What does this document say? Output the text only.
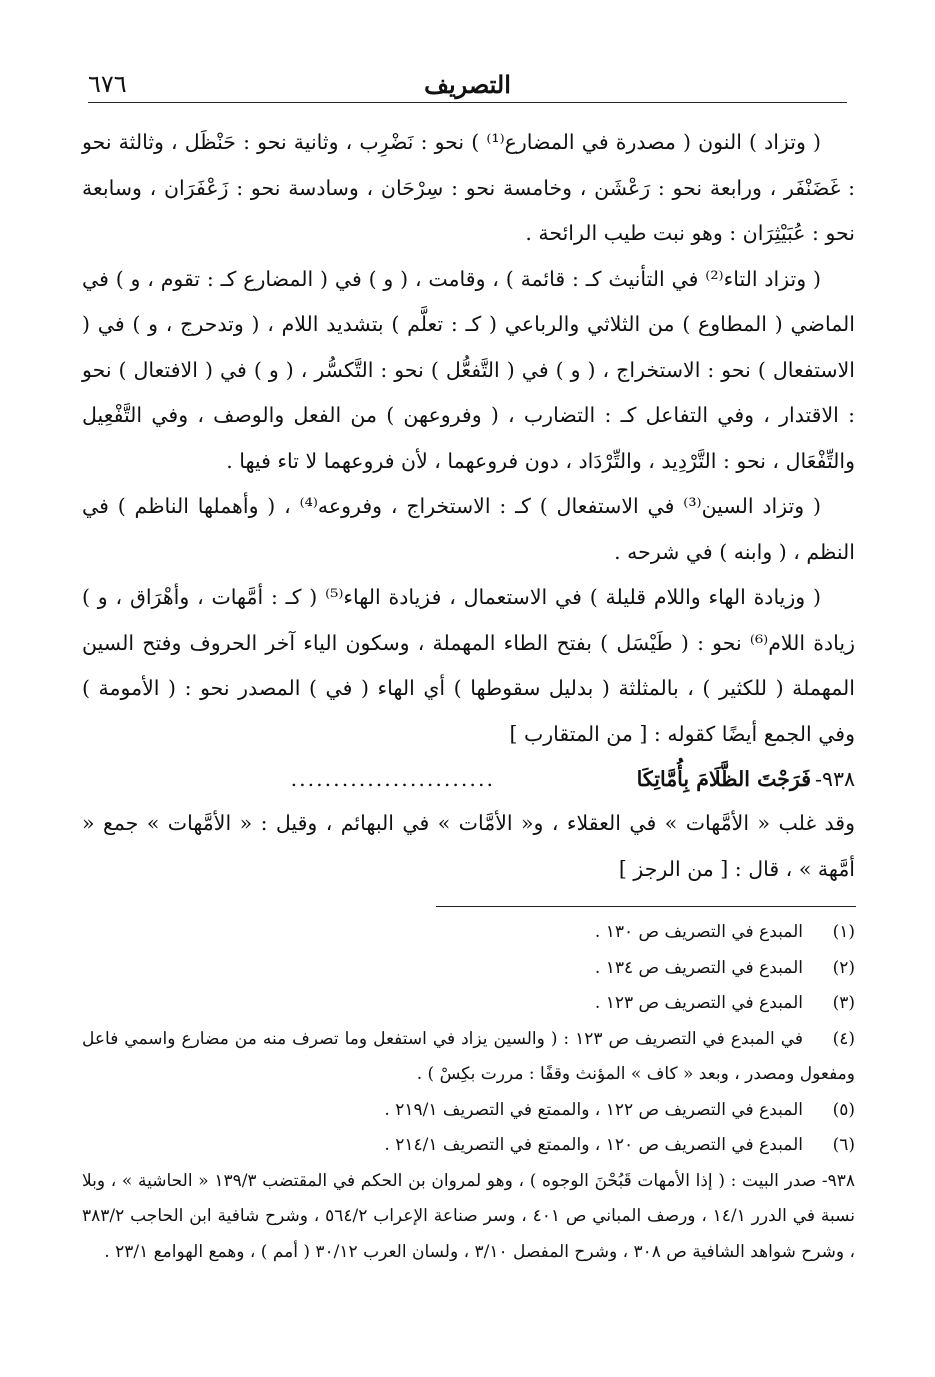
٦٧٦	التصريف

( وتزاد ) النون ( مصدرة في المضارع⁽¹⁾ ) نحو : نَضْرِب ، وثانية نحو : حَنْظَل ، وثالثة نحو : غَضَنْفَر ، ورابعة نحو : رَعْشَن ، وخامسة نحو : سِرْحَان ، وسادسة نحو : زَعْفَرَان ، وسابعة نحو : عُبَيْثِرَان : وهو نبت طيب الرائحة .

( وتزاد التاء⁽²⁾ في التأنيث كـ : قائمة ) ، وقامت ، ( و ) في ( المضارع كـ : تقوم ، و ) في الماضي ( المطاوع ) من الثلاثي والرباعي ( كـ : تعلَّم ) بتشديد اللام ، ( وتدحرج ، و ) في ( الاستفعال ) نحو : الاستخراج ، ( و ) في ( التَّفعُّل ) نحو : التَّكسُّر ، ( و ) في ( الافتعال ) نحو : الاقتدار ، وفي التفاعل كـ : التضارب ، ( وفروعهن ) من الفعل والوصف ، وفي التَّفْعِيل والتِّفْعَال ، نحو : التَّرْدِيد ، والتِّرْدَاد ، دون فروعهما ، لأن فروعهما لا تاء فيها .

( وتزاد السين⁽³⁾ في الاستفعال ) كـ : الاستخراج ، وفروعه⁽⁴⁾ ، ( وأهملها الناظم ) في النظم ، ( وابنه ) في شرحه .

( وزيادة الهاء واللام قليلة ) في الاستعمال ، فزيادة الهاء⁽⁵⁾ ( كـ : أمَّهات ، وأهْرَاق ، و ) زيادة اللام⁽⁶⁾ نحو : ( طَيْسَل ) بفتح الطاء المهملة ، وسكون الياء آخر الحروف وفتح السين المهملة ( للكثير ) ، بالمثلثة ( بدليل سقوطها ) أي الهاء ( في ) المصدر نحو : ( الأمومة ) وفي الجمع أيضًا كقوله : [ من المتقارب ]

٩٣٨-
فَرَجْتَ الظَّلَامَ بِأُمَّاتِكَا
........................

وقد غلب « الأمَّهات » في العقلاء ، و« الأمَّات » في البهائم ، وقيل : « الأمَّهات » جمع « أمَّهة » ، قال : [ من الرجز ]

(١)المبدع في التصريف ص ١٣٠ .

(٢)المبدع في التصريف ص ١٣٤ .

(٣)المبدع في التصريف ص ١٢٣ .

(٤)في المبدع في التصريف ص ١٢٣ : ( والسين يزاد في استفعل وما تصرف منه من مضارع واسمي فاعل ومفعول ومصدر ، وبعد « كاف » المؤنث وقفًا : مررت بكِسْ ) .

(٥)المبدع في التصريف ص ١٢٢ ، والممتع في التصريف ٢١٩/١ .

(٦)المبدع في التصريف ص ١٢٠ ، والممتع في التصريف ٢١٤/١ .

٩٣٨- صدر البيت : ( إذا الأمهات قَبُحْنَ الوجوه ) ، وهو لمروان بن الحكم في المقتضب ١٣٩/٣ « الحاشية » ، وبلا نسبة في الدرر ١٤/١ ، ورصف المباني ص ٤٠١ ، وسر صناعة الإعراب ٥٦٤/٢ ، وشرح شافية ابن الحاجب ٣٨٣/٢ ، وشرح شواهد الشافية ص ٣٠٨ ، وشرح المفصل ٣/١٠ ، ولسان العرب ٣٠/١٢ ( أمم ) ، وهمع الهوامع ٢٣/١ .
